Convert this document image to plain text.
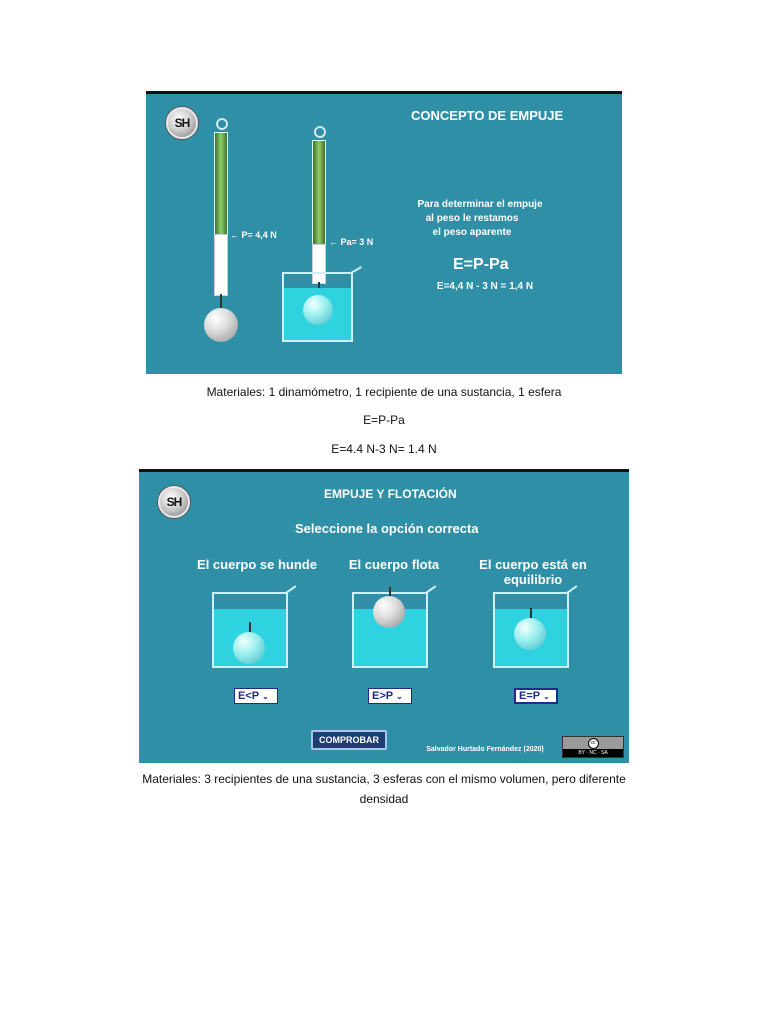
SH	CONCEPTO DE EMPUJE
← P= 4,4 N
← Pa= 3 N
Para determinar el empuje
al peso le restamos
el peso aparente
E=P-Pa
E=4,4 N - 3 N = 1,4 N
Materiales: 1 dinamómetro, 1 recipiente de una sustancia, 1 esfera
E=P-Pa
E=4.4 N-3 N= 1.4 N
SH
EMPUJE Y FLOTACIÓN
Seleccione la opción correcta
El cuerpo se hunde	El cuerpo flota	El cuerpo está en equilibrio
E<P ⌄	E>P ⌄	E=P ⌄
COMPROBAR
Salvador Hurtado Fernández (2020)
cc
BY · NC · SA
Materiales: 3 recipientes de una sustancia, 3 esferas con el mismo volumen, pero diferente
densidad
